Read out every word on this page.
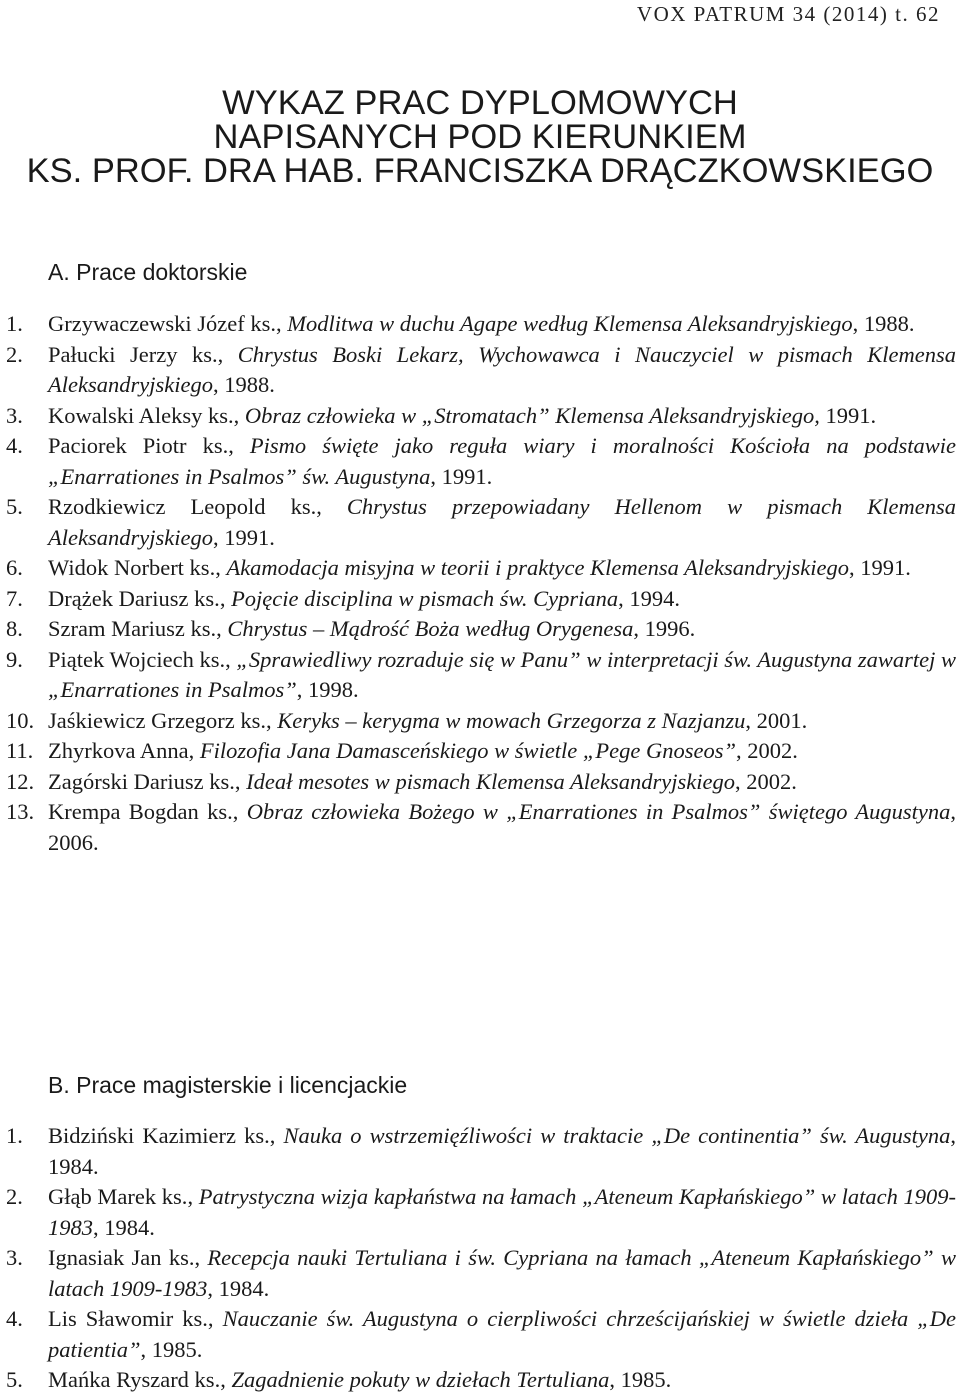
VOX PATRUM 34 (2014) t. 62
WYKAZ PRAC DYPLOMOWYCH
NAPISANYCH POD KIERUNKIEM
KS. PROF. DRA HAB. FRANCISZKA DRĄCZKOWSKIEGO
A. Prace doktorskie
1.	Grzywaczewski Józef ks., Modlitwa w duchu Agape według Klemensa Aleksandryjskiego, 1988.
2.	Pałucki Jerzy ks., Chrystus Boski Lekarz, Wychowawca i Nauczyciel w pismach Klemensa Aleksandryjskiego, 1988.
3.	Kowalski Aleksy ks., Obraz człowieka w „Stromatach” Klemensa Aleksandryjskiego, 1991.
4.	Paciorek Piotr ks., Pismo święte jako reguła wiary i moralności Kościoła na podstawie „Enarrationes in Psalmos” św. Augustyna, 1991.
5.	Rzodkiewicz Leopold ks., Chrystus przepowiadany Hellenom w pismach Klemensa Aleksandryjskiego, 1991.
6.	Widok Norbert ks., Akamodacja misyjna w teorii i praktyce Klemensa Aleksandryjskiego, 1991.
7.	Drążek Dariusz ks., Pojęcie disciplina w pismach św. Cypriana, 1994.
8.	Szram Mariusz ks., Chrystus – Mądrość Boża według Orygenesa, 1996.
9.	Piątek Wojciech ks., „Sprawiedliwy rozraduje się w Panu” w interpretacji św. Augustyna zawartej w „Enarrationes in Psalmos”, 1998.
10. Jaśkiewicz Grzegorz ks., Keryks – kerygma w mowach Grzegorza z Nazjanzu, 2001.
11. Zhyrkova Anna, Filozofia Jana Damasceńskiego w świetle „Pege Gnoseos”, 2002.
12. Zagórski Dariusz ks., Ideał mesotes w pismach Klemensa Aleksandryjskiego, 2002.
13. Krempa Bogdan ks., Obraz człowieka Bożego w „Enarrationes in Psalmos” świętego Augustyna, 2006.
B. Prace magisterskie i licencjackie
1.	Bidziński Kazimierz ks., Nauka o wstrzemięźliwości w traktacie „De continentia” św. Augustyna, 1984.
2.	Głąb Marek ks., Patrystyczna wizja kapłaństwa na łamach „Ateneum Kapłańskiego” w latach 1909-1983, 1984.
3.	Ignasiak Jan ks., Recepcja nauki Tertuliana i św. Cypriana na łamach „Ateneum Kapłańskiego” w latach 1909-1983, 1984.
4.	Lis Sławomir ks., Nauczanie św. Augustyna o cierpliwości chrześcijańskiej w świetle dzieła „De patientia”, 1985.
5.	Mańka Ryszard ks., Zagadnienie pokuty w dziełach Tertuliana, 1985.
